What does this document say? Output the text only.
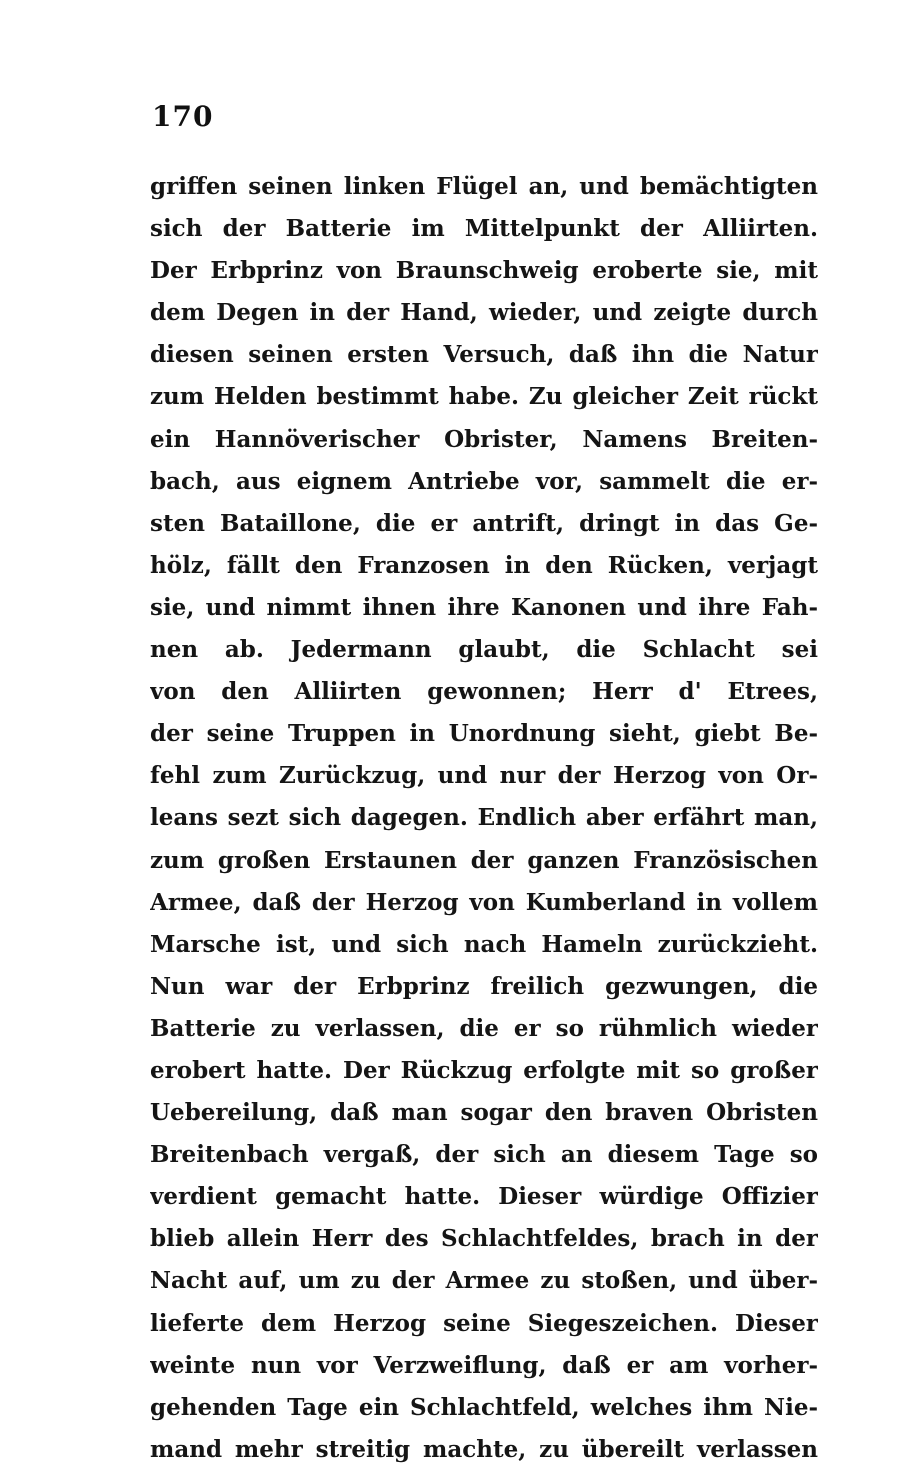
170
griffen seinen linken Flügel an, und bemächtigten
sich der Batterie im Mittelpunkt der Alliirten.
Der Erbprinz von Braunschweig eroberte sie, mit
dem Degen in der Hand, wieder, und zeigte durch
diesen seinen ersten Versuch, daß ihn die Natur
zum Helden bestimmt habe. Zu gleicher Zeit rückt
ein Hannöverischer Obrister, Namens Breiten-
bach, aus eignem Antriebe vor, sammelt die er-
sten Bataillone, die er antrift, dringt in das Ge-
hölz, fällt den Franzosen in den Rücken, verjagt
sie, und nimmt ihnen ihre Kanonen und ihre Fah-
nen ab. Jedermann glaubt, die Schlacht sei
von den Alliirten gewonnen; Herr d' Etrees,
der seine Truppen in Unordnung sieht, giebt Be-
fehl zum Zurückzug, und nur der Herzog von Or-
leans sezt sich dagegen. Endlich aber erfährt man,
zum großen Erstaunen der ganzen Französischen
Armee, daß der Herzog von Kumberland in vollem
Marsche ist, und sich nach Hameln zurückzieht.
Nun war der Erbprinz freilich gezwungen, die
Batterie zu verlassen, die er so rühmlich wieder
erobert hatte. Der Rückzug erfolgte mit so großer
Uebereilung, daß man sogar den braven Obristen
Breitenbach vergaß, der sich an diesem Tage so
verdient gemacht hatte. Dieser würdige Offizier
blieb allein Herr des Schlachtfeldes, brach in der
Nacht auf, um zu der Armee zu stoßen, und über-
lieferte dem Herzog seine Siegeszeichen. Dieser
weinte nun vor Verzweiflung, daß er am vorher-
gehenden Tage ein Schlachtfeld, welches ihm Nie-
mand mehr streitig machte, zu übereilt verlassen
